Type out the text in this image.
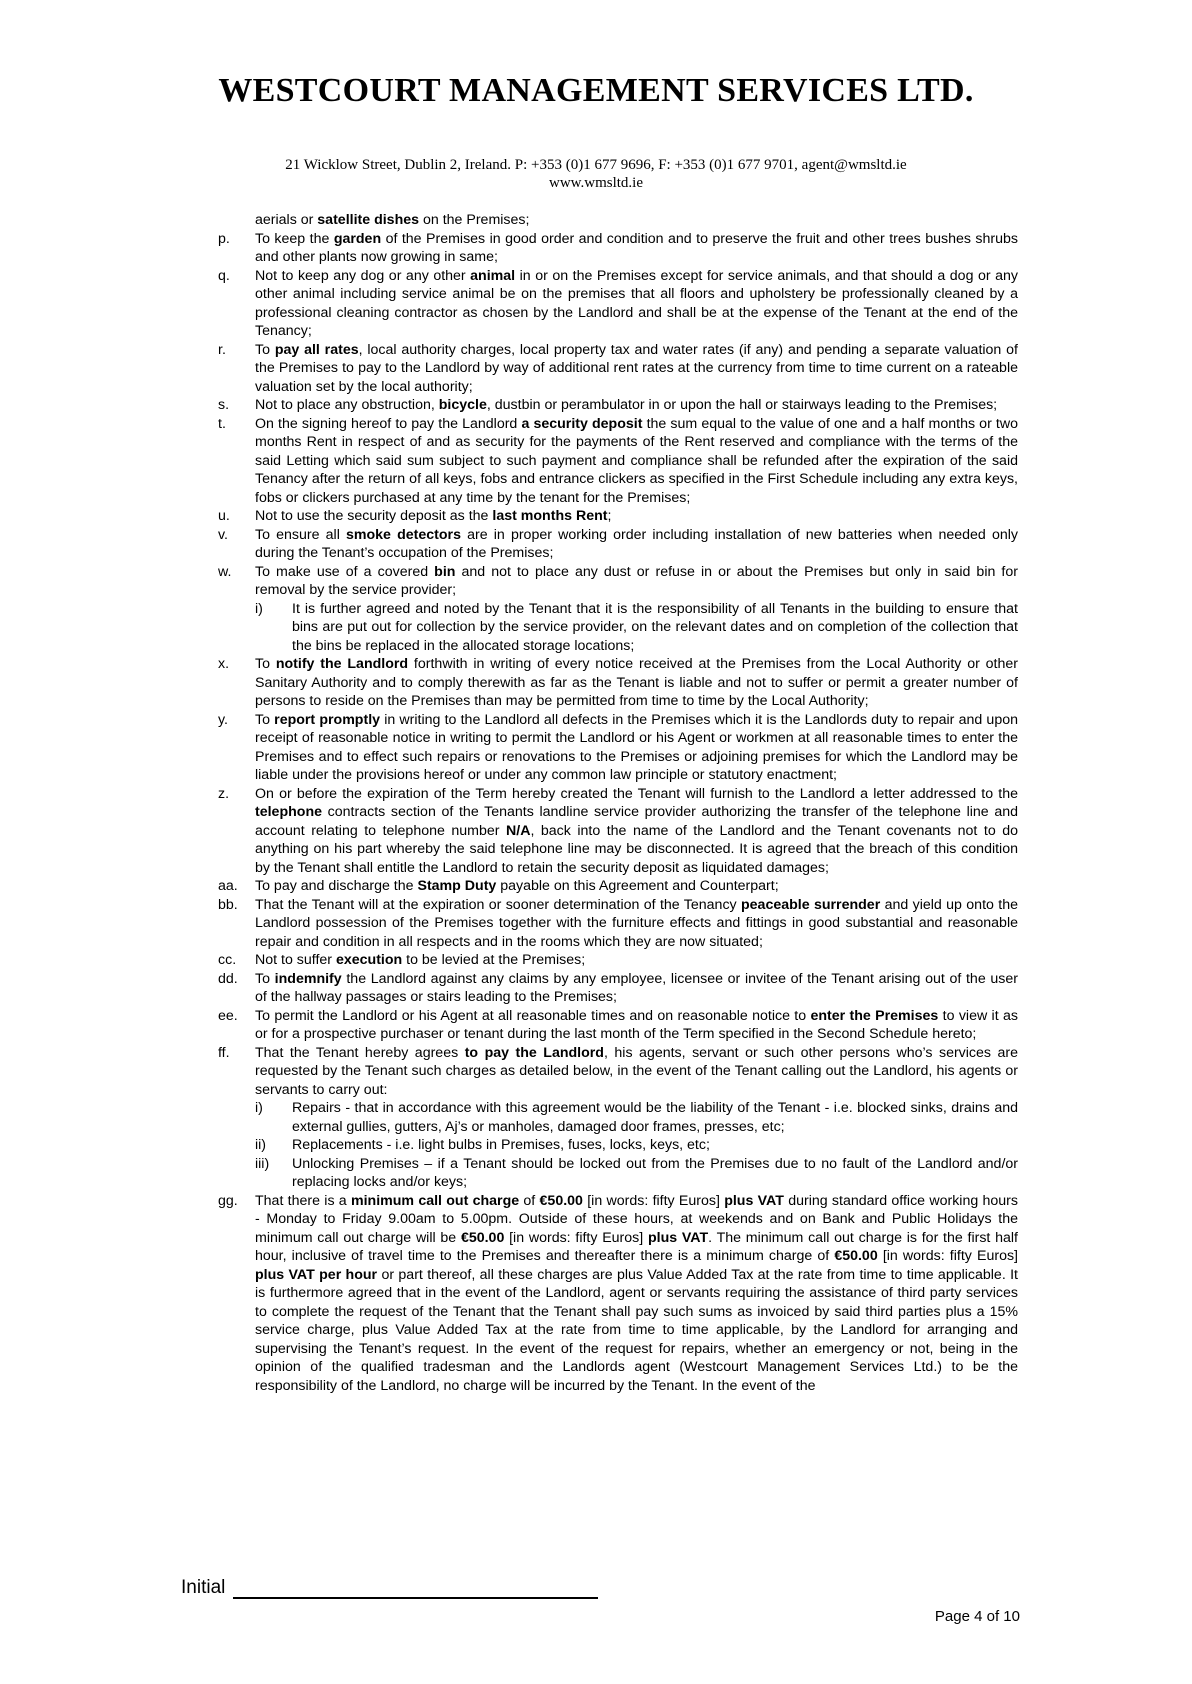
WESTCOURT MANAGEMENT SERVICES LTD.
21 Wicklow Street, Dublin 2, Ireland. P: +353 (0)1 677 9696, F: +353 (0)1 677 9701, agent@wmsltd.ie
www.wmsltd.ie
aerials or satellite dishes on the Premises;
p.	To keep the garden of the Premises in good order and condition and to preserve the fruit and other trees bushes shrubs and other plants now growing in same;
q.	Not to keep any dog or any other animal in or on the Premises except for service animals, and that should a dog or any other animal including service animal be on the premises that all floors and upholstery be professionally cleaned by a professional cleaning contractor as chosen by the Landlord and shall be at the expense of the Tenant at the end of the Tenancy;
r.	To pay all rates, local authority charges, local property tax and water rates (if any) and pending a separate valuation of the Premises to pay to the Landlord by way of additional rent rates at the currency from time to time current on a rateable valuation set by the local authority;
s.	Not to place any obstruction, bicycle, dustbin or perambulator in or upon the hall or stairways leading to the Premises;
t.	On the signing hereof to pay the Landlord a security deposit the sum equal to the value of one and a half months or two months Rent in respect of and as security for the payments of the Rent reserved and compliance with the terms of the said Letting which said sum subject to such payment and compliance shall be refunded after the expiration of the said Tenancy after the return of all keys, fobs and entrance clickers as specified in the First Schedule including any extra keys, fobs or clickers purchased at any time by the tenant for the Premises;
u.	Not to use the security deposit as the last months Rent;
v.	To ensure all smoke detectors are in proper working order including installation of new batteries when needed only during the Tenant’s occupation of the Premises;
w.	To make use of a covered bin and not to place any dust or refuse in or about the Premises but only in said bin for removal by the service provider;
i)	It is further agreed and noted by the Tenant that it is the responsibility of all Tenants in the building to ensure that bins are put out for collection by the service provider, on the relevant dates and on completion of the collection that the bins be replaced in the allocated storage locations;
x.	To notify the Landlord forthwith in writing of every notice received at the Premises from the Local Authority or other Sanitary Authority and to comply therewith as far as the Tenant is liable and not to suffer or permit a greater number of persons to reside on the Premises than may be permitted from time to time by the Local Authority;
y.	To report promptly in writing to the Landlord all defects in the Premises which it is the Landlords duty to repair and upon receipt of reasonable notice in writing to permit the Landlord or his Agent or workmen at all reasonable times to enter the Premises and to effect such repairs or renovations to the Premises or adjoining premises for which the Landlord may be liable under the provisions hereof or under any common law principle or statutory enactment;
z.	On or before the expiration of the Term hereby created the Tenant will furnish to the Landlord a letter addressed to the telephone contracts section of the Tenants landline service provider authorizing the transfer of the telephone line and account relating to telephone number N/A, back into the name of the Landlord and the Tenant covenants not to do anything on his part whereby the said telephone line may be disconnected. It is agreed that the breach of this condition by the Tenant shall entitle the Landlord to retain the security deposit as liquidated damages;
aa.	To pay and discharge the Stamp Duty payable on this Agreement and Counterpart;
bb.	That the Tenant will at the expiration or sooner determination of the Tenancy peaceable surrender and yield up onto the Landlord possession of the Premises together with the furniture effects and fittings in good substantial and reasonable repair and condition in all respects and in the rooms which they are now situated;
cc.	Not to suffer execution to be levied at the Premises;
dd.	To indemnify the Landlord against any claims by any employee, licensee or invitee of the Tenant arising out of the user of the hallway passages or stairs leading to the Premises;
ee.	To permit the Landlord or his Agent at all reasonable times and on reasonable notice to enter the Premises to view it as or for a prospective purchaser or tenant during the last month of the Term specified in the Second Schedule hereto;
ff.	That the Tenant hereby agrees to pay the Landlord, his agents, servant or such other persons who’s services are requested by the Tenant such charges as detailed below, in the event of the Tenant calling out the Landlord, his agents or servants to carry out:
i)	Repairs - that in accordance with this agreement would be the liability of the Tenant - i.e. blocked sinks, drains and external gullies, gutters, Aj’s or manholes, damaged door frames, presses, etc;
ii)	Replacements - i.e. light bulbs in Premises, fuses, locks, keys, etc;
iii)	Unlocking Premises – if a Tenant should be locked out from the Premises due to no fault of the Landlord and/or replacing locks and/or keys;
gg.	That there is a minimum call out charge of €50.00 [in words: fifty Euros] plus VAT during standard office working hours - Monday to Friday 9.00am to 5.00pm. Outside of these hours, at weekends and on Bank and Public Holidays the minimum call out charge will be €50.00 [in words: fifty Euros] plus VAT. The minimum call out charge is for the first half hour, inclusive of travel time to the Premises and thereafter there is a minimum charge of €50.00 [in words: fifty Euros] plus VAT per hour or part thereof, all these charges are plus Value Added Tax at the rate from time to time applicable. It is furthermore agreed that in the event of the Landlord, agent or servants requiring the assistance of third party services to complete the request of the Tenant that the Tenant shall pay such sums as invoiced by said third parties plus a 15% service charge, plus Value Added Tax at the rate from time to time applicable, by the Landlord for arranging and supervising the Tenant’s request. In the event of the request for repairs, whether an emergency or not, being in the opinion of the qualified tradesman and the Landlords agent (Westcourt Management Services Ltd.) to be the responsibility of the Landlord, no charge will be incurred by the Tenant. In the event of the
Initial
Page 4 of 10
